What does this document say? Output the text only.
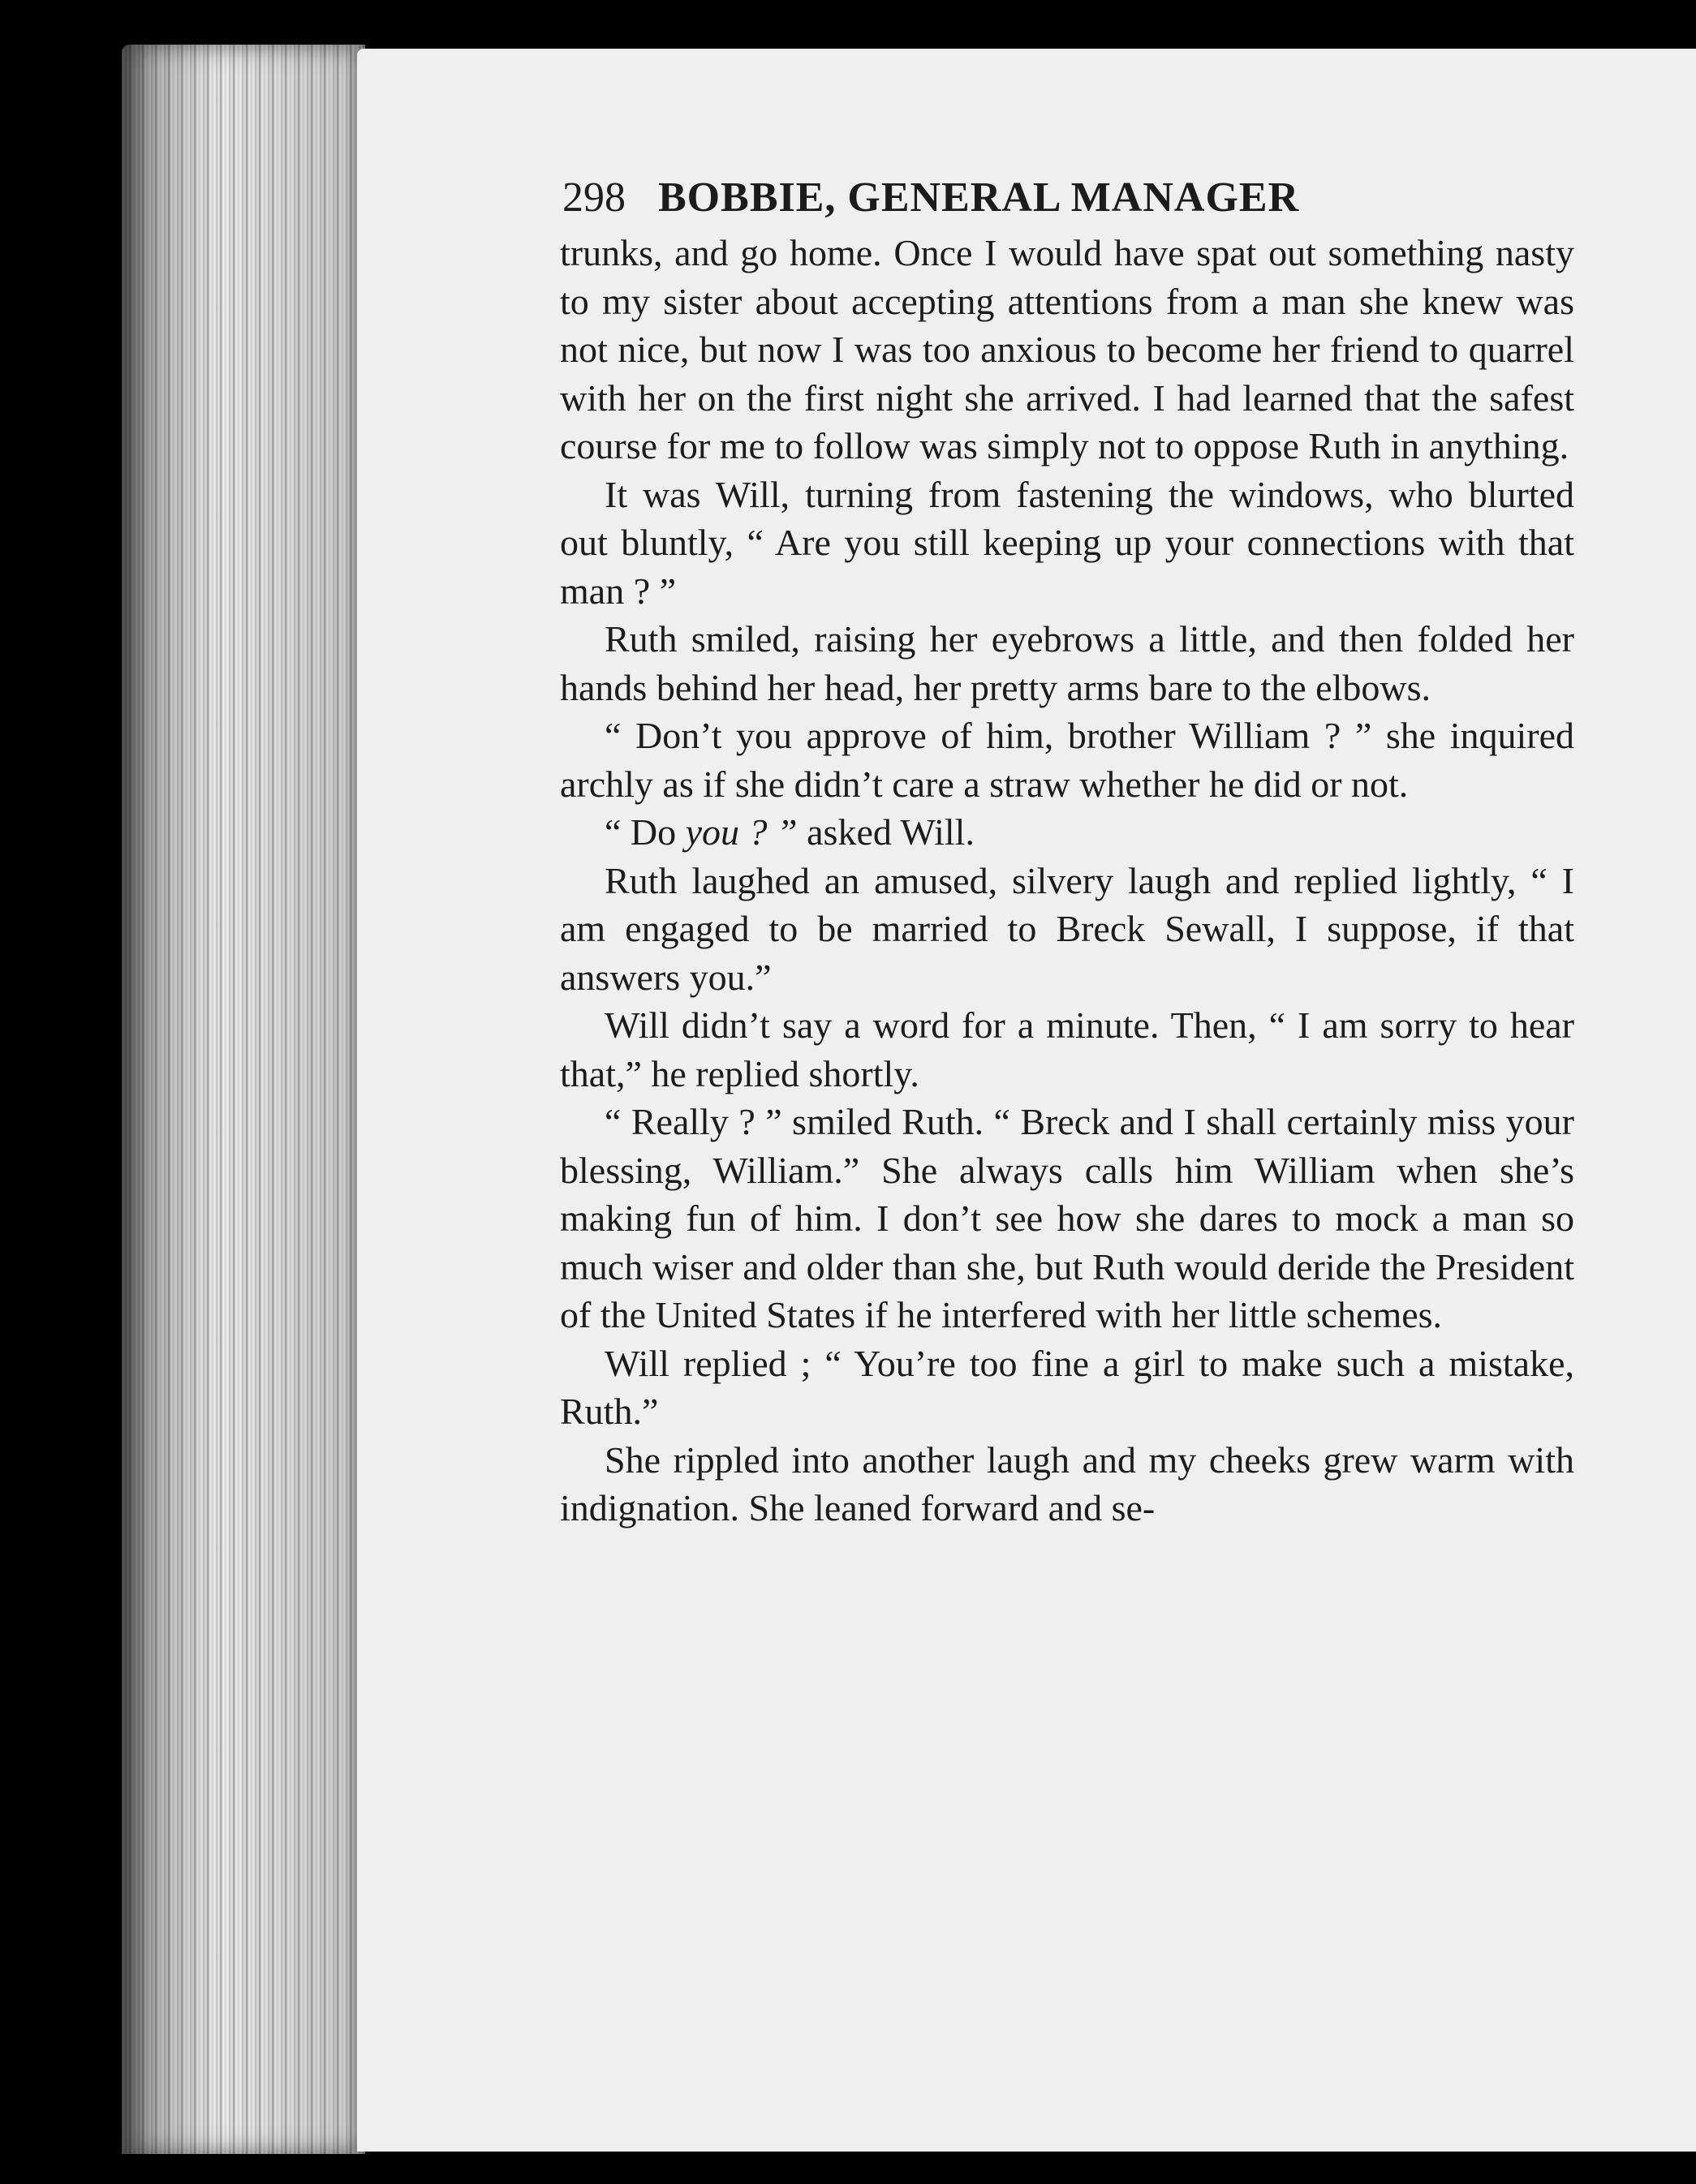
298 BOBBIE, GENERAL MANAGER

trunks, and go home. Once I would have spat out something nasty to my sister about accepting attentions from a man she knew was not nice, but now I was too anxious to become her friend to quarrel with her on the first night she arrived. I had learned that the safest course for me to follow was simply not to oppose Ruth in anything.

It was Will, turning from fastening the windows, who blurted out bluntly, “ Are you still keeping up your connections with that man ? ”

Ruth smiled, raising her eyebrows a little, and then folded her hands behind her head, her pretty arms bare to the elbows.

“ Don’t you approve of him, brother William ? ” she inquired archly as if she didn’t care a straw whether he did or not.

“ Do you ? ” asked Will.

Ruth laughed an amused, silvery laugh and replied lightly, “ I am engaged to be married to Breck Sewall, I suppose, if that answers you.”

Will didn’t say a word for a minute. Then, “ I am sorry to hear that,” he replied shortly.

“ Really ? ” smiled Ruth. “ Breck and I shall certainly miss your blessing, William.” She always calls him William when she’s making fun of him. I don’t see how she dares to mock a man so much wiser and older than she, but Ruth would deride the President of the United States if he interfered with her little schemes.

Will replied ; “ You’re too fine a girl to make such a mistake, Ruth.”

She rippled into another laugh and my cheeks grew warm with indignation. She leaned forward and se-
